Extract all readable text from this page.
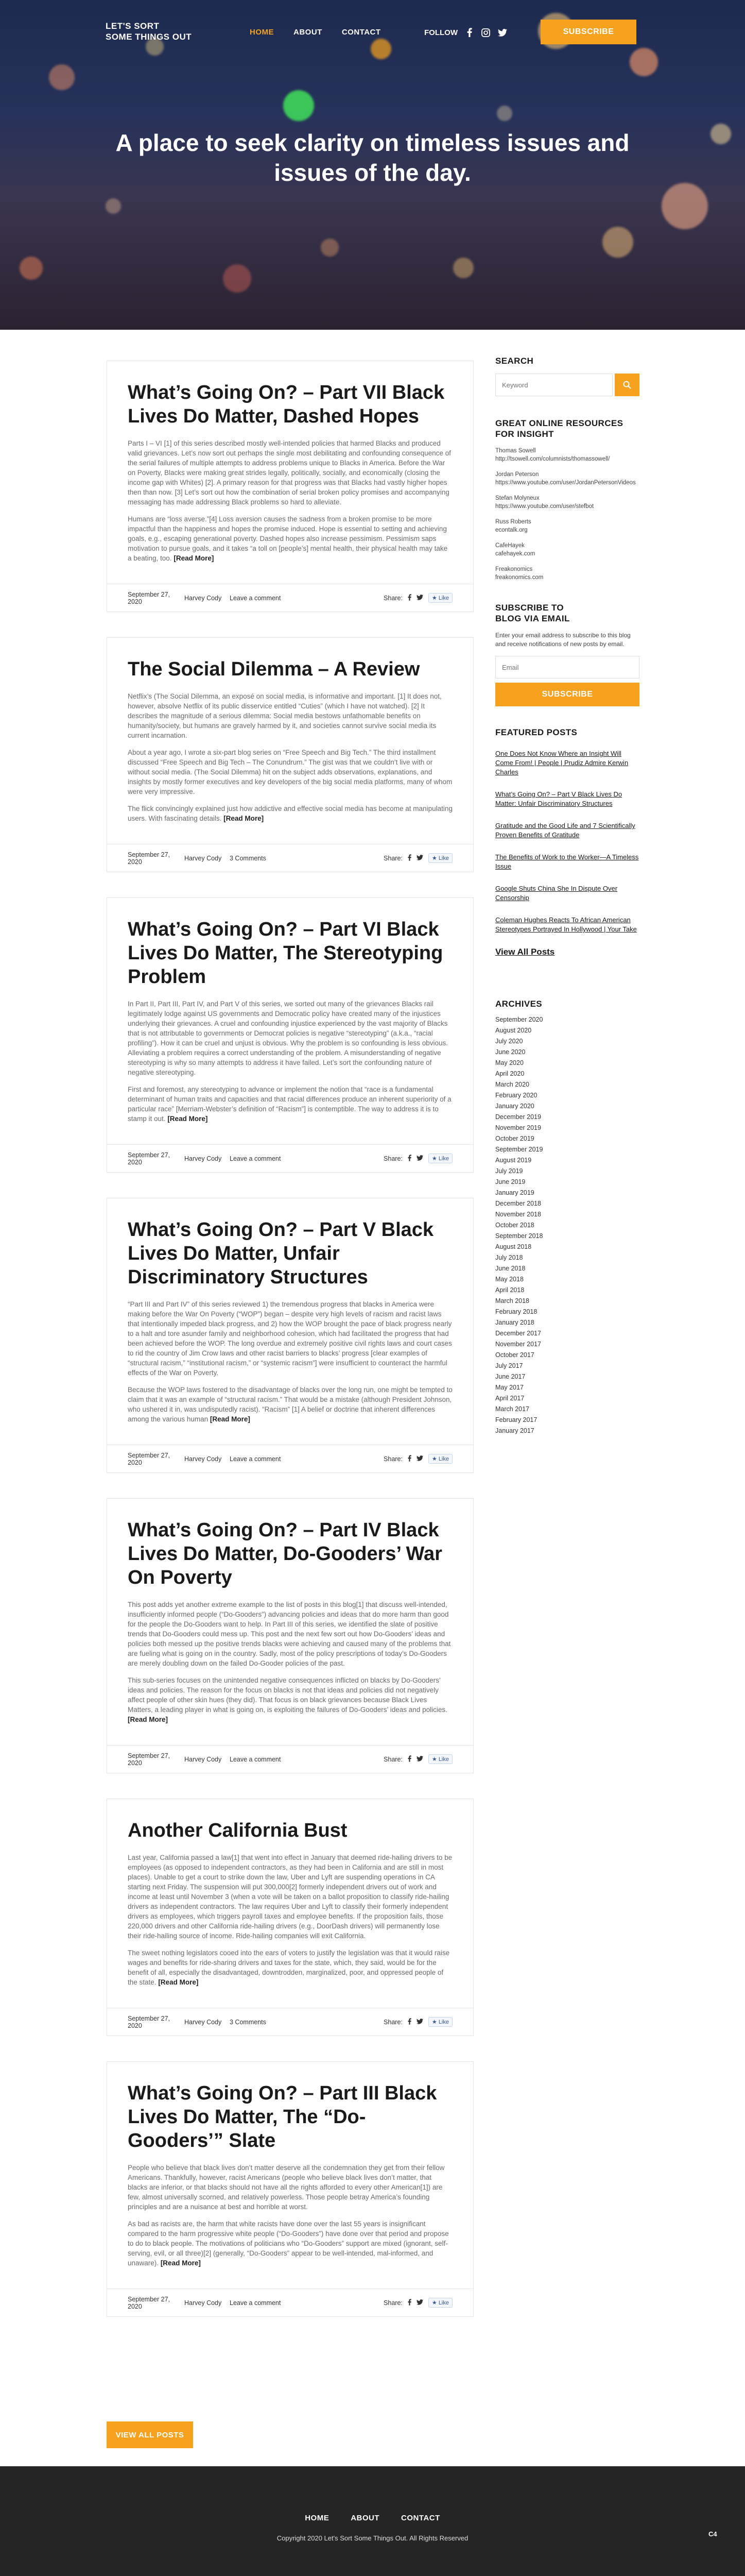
LET'S SORT
SOME THINGS OUT	HOME	ABOUT	CONTACT	FOLLOW	SUBSCRIBE
A place to seek clarity on timeless issues and issues of the day.
What’s Going On? – Part VII Black Lives Do Matter, Dashed Hopes

Parts I – VI [1] of this series described mostly well-intended policies that harmed Blacks and produced valid grievances. Let’s now sort out perhaps the single most debilitating and confounding consequence of the serial failures of multiple attempts to address problems unique to Blacks in America. Before the War on Poverty, Blacks were making great strides legally, politically, socially, and economically (closing the income gap with Whites) [2]. A primary reason for that progress was that Blacks had vastly higher hopes then than now. [3] Let’s sort out how the combination of serial broken policy promises and accompanying messaging has made addressing Black problems so hard to alleviate.

Humans are “loss averse.”[4] Loss aversion causes the sadness from a broken promise to be more impactful than the happiness and hopes the promise induced. Hope is essential to setting and achieving goals, e.g., escaping generational poverty. Dashed hopes also increase pessimism. Pessimism saps motivation to pursue goals, and it takes “a toll on [people’s] mental health, their physical health may take a beating, too. [Read More]

September 27, 2020	Harvey Cody	Leave a comment	Share:	★ Like
The Social Dilemma – A Review

Netflix’s (The Social Dilemma, an exposé on social media, is informative and important. [1] It does not, however, absolve Netflix of its public disservice entitled “Cuties” (which I have not watched). [2] It describes the magnitude of a serious dilemma: Social media bestows unfathomable benefits on humanity/society, but humans are gravely harmed by it, and societies cannot survive social media its current incarnation.

About a year ago, I wrote a six-part blog series on “Free Speech and Big Tech.” The third installment discussed “Free Speech and Big Tech – The Conundrum.” The gist was that we couldn’t live with or without social media. (The Social Dilemma) hit on the subject adds observations, explanations, and insights by mostly former executives and key developers of the big social media platforms, many of whom were very impressive.

The flick convincingly explained just how addictive and effective social media has become at manipulating users. With fascinating details. [Read More]

September 27, 2020	Harvey Cody	3 Comments	Share:	★ Like
What’s Going On? – Part VI Black Lives Do Matter, The Stereotyping Problem

In Part II, Part III, Part IV, and Part V of this series, we sorted out many of the grievances Blacks rail legitimately lodge against US governments and Democratic policy have created many of the injustices underlying their grievances. A cruel and confounding injustice experienced by the vast majority of Blacks that is not attributable to governments or Democrat policies is negative “stereotyping” (a.k.a., “racial profiling”). How it can be cruel and unjust is obvious. Why the problem is so confounding is less obvious. Alleviating a problem requires a correct understanding of the problem. A misunderstanding of negative stereotyping is why so many attempts to address it have failed. Let’s sort the confounding nature of negative stereotyping.

First and foremost, any stereotyping to advance or implement the notion that “race is a fundamental determinant of human traits and capacities and that racial differences produce an inherent superiority of a particular race” [Merriam-Webster’s definition of “Racism”] is contemptible. The way to address it is to stamp it out. [Read More]

September 27, 2020	Harvey Cody	Leave a comment	Share:	★ Like
What’s Going On? – Part V Black Lives Do Matter, Unfair Discriminatory Structures

“Part III and Part IV” of this series reviewed 1) the tremendous progress that blacks in America were making before the War On Poverty (“WOP”) began – despite very high levels of racism and racist laws that intentionally impeded black progress, and 2) how the WOP brought the pace of black progress nearly to a halt and tore asunder family and neighborhood cohesion, which had facilitated the progress that had been achieved before the WOP. The long overdue and extremely positive civil rights laws and court cases to rid the country of Jim Crow laws and other racist barriers to blacks’ progress [clear examples of “structural racism,” “institutional racism,” or “systemic racism”] were insufficient to counteract the harmful effects of the War on Poverty.

Because the WOP laws fostered to the disadvantage of blacks over the long run, one might be tempted to claim that it was an example of “structural racism.” That would be a mistake (although President Johnson, who ushered it in, was undisputedly racist). “Racism” [1] A belief or doctrine that inherent differences among the various human [Read More]

September 27, 2020	Harvey Cody	Leave a comment	Share:	★ Like
What’s Going On? – Part IV Black Lives Do Matter, Do-Gooders’ War On Poverty

This post adds yet another extreme example to the list of posts in this blog[1] that discuss well-intended, insufficiently informed people (“Do-Gooders”) advancing policies and ideas that do more harm than good for the people the Do-Gooders want to help. In Part III of this series, we identified the slate of positive trends that Do-Gooders could mess up. This post and the next few sort out how Do-Gooders’ ideas and policies both messed up the positive trends blacks were achieving and caused many of the problems that are fueling what is going on in the country. Sadly, most of the policy prescriptions of today’s Do-Gooders are merely doubling down on the failed Do-Gooder policies of the past.

This sub-series focuses on the unintended negative consequences inflicted on blacks by Do-Gooders’ ideas and policies. The reason for the focus on blacks is not that ideas and policies did not negatively affect people of other skin hues (they did). That focus is on black grievances because Black Lives Matters, a leading player in what is going on, is exploiting the failures of Do-Gooders’ ideas and policies. [Read More]

September 27, 2020	Harvey Cody	Leave a comment	Share:	★ Like
Another California Bust

Last year, California passed a law[1] that went into effect in January that deemed ride-hailing drivers to be employees (as opposed to independent contractors, as they had been in California and are still in most places). Unable to get a court to strike down the law, Uber and Lyft are suspending operations in CA starting next Friday. The suspension will put 300,000[2] formerly independent drivers out of work and income at least until November 3 (when a vote will be taken on a ballot proposition to classify ride-hailing drivers as independent contractors. The law requires Uber and Lyft to classify their formerly independent drivers as employees, which triggers payroll taxes and employee benefits. If the proposition fails, those 220,000 drivers and other California ride-hailing drivers (e.g., DoorDash drivers) will permanently lose their ride-hailing source of income. Ride-hailing companies will exit California.

The sweet nothing legislators cooed into the ears of voters to justify the legislation was that it would raise wages and benefits for ride-sharing drivers and taxes for the state, which, they said, would be for the benefit of all, especially the disadvantaged, downtrodden, marginalized, poor, and oppressed people of the state. [Read More]

September 27, 2020	Harvey Cody	3 Comments	Share:	★ Like
What’s Going On? – Part III Black Lives Do Matter, The “Do-Gooders’” Slate

People who believe that black lives don’t matter deserve all the condemnation they get from their fellow Americans. Thankfully, however, racist Americans (people who believe black lives don’t matter, that blacks are inferior, or that blacks should not have all the rights afforded to every other American[1]) are few, almost universally scorned, and relatively powerless. Those people betray America’s founding principles and are a nuisance at best and horrible at worst.

As bad as racists are, the harm that white racists have done over the last 55 years is insignificant compared to the harm progressive white people (“Do-Gooders”) have done over that period and propose to do to black people. The motivations of politicians who “Do-Gooders” support are mixed (ignorant, self-serving, evil, or all three)[2] (generally, “Do-Gooders” appear to be well-intended, mal-informed, and unaware). [Read More]

September 27, 2020	Harvey Cody	Leave a comment	Share:	★ Like
VIEW ALL POSTS
SEARCH
Keyword
GREAT ONLINE RESOURCES FOR INSIGHT
Thomas Sowell
http://tsowell.com/columnists/thomassowell/
Jordan Peterson
https://www.youtube.com/user/JordanPetersonVideos
Stefan Molyneux
https://www.youtube.com/user/stefbot
Russ Roberts
econtalk.org
CafeHayek
cafehayek.com
Freakonomics
freakonomics.com
SUBSCRIBE TO BLOG VIA EMAIL
Enter your email address to subscribe to this blog and receive notifications of new posts by email.
Email
SUBSCRIBE
FEATURED POSTS
One Does Not Know Where an Insight Will Come From! | People | Prudiz Admire Kerwin Charles
What’s Going On? – Part V Black Lives Do Matter: Unfair Discriminatory Structures
Gratitude and the Good Life and 7 Scientifically Proven Benefits of Gratitude
The Benefits of Work to the Worker—A Timeless Issue
Google Shuts China She In Dispute Over Censorship
Coleman Hughes Reacts To African American Stereotypes Portrayed In Hollywood | Your Take
View All Posts
ARCHIVES
September 2020
August 2020
July 2020
June 2020
May 2020
April 2020
March 2020
February 2020
January 2020
December 2019
November 2019
October 2019
September 2019
August 2019
July 2019
June 2019
January 2019
December 2018
November 2018
October 2018
September 2018
August 2018
July 2018
June 2018
May 2018
April 2018
March 2018
February 2018
January 2018
December 2017
November 2017
October 2017
July 2017
June 2017
May 2017
April 2017
March 2017
February 2017
January 2017
HOME	ABOUT	CONTACT
Copyright 2020 Let's Sort Some Things Out. All Rights Reserved
C4
